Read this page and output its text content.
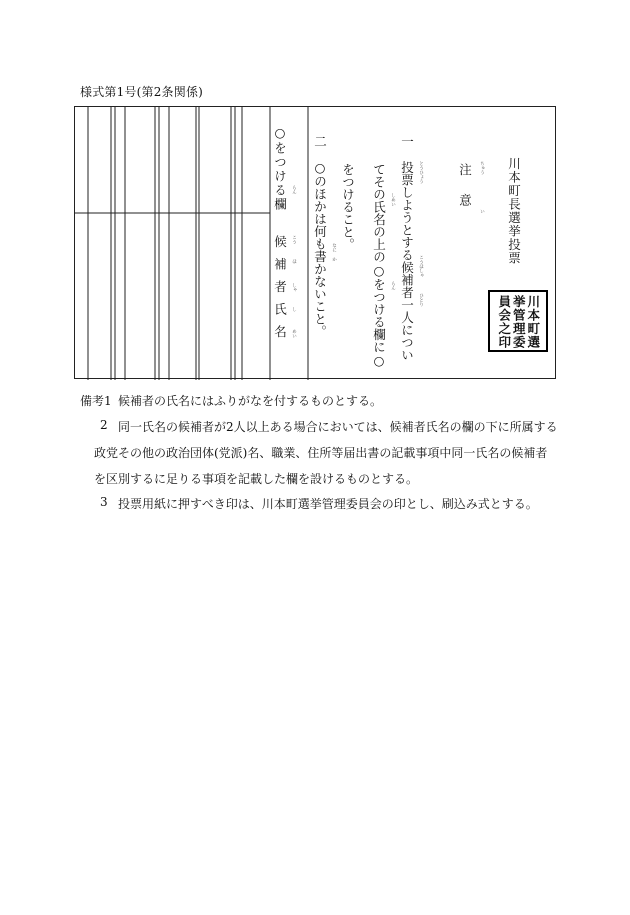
様式第1号(第2条関係)
川本町長選挙投票
注意
一
投票しようとする候補者一人につい
てその氏名の上の○をつける欄に○
をつけること。
二　○のほかは何も書かないこと。
○をつける欄
候補者氏名
ちゅう
い
とうひょう
こうほしゃ
ひとり
しめい
らん
なに
か
らん
こう
ほ
しゃ
し
めい	川本町選
挙管理委
員会之印
備考1 候補者の氏名にはふりがなを付するものとする。
2 同一氏名の候補者が2人以上ある場合においては、候補者氏名の欄の下に所属する
政党その他の政治団体(党派)名、職業、住所等届出書の記載事項中同一氏名の候補者
を区別するに足りる事項を記載した欄を設けるものとする。
3 投票用紙に押すべき印は、川本町選挙管理委員会の印とし、刷込み式とする。
